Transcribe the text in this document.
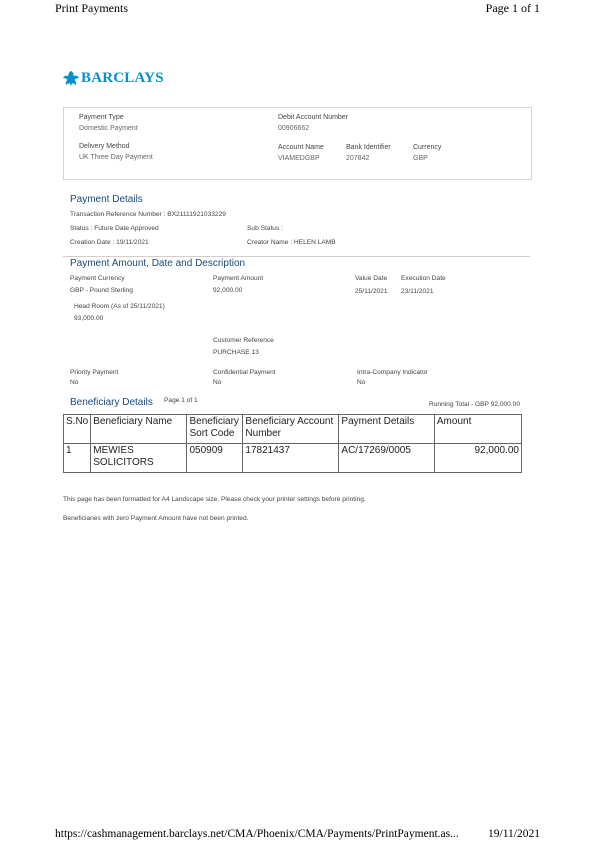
Print Payments	Page 1 of 1
BARCLAYS
Payment Type
Domestic Payment
Delivery Method
UK Three Day Payment
Debit Account Number
00906662
Account Name
VIAMEDGBP
Bank Identifier
207842
Currency
GBP
Payment Details
Transaction Reference Number : BX21111921033229
Status : Future Date Approved	Sub Status :
Creation Date : 19/11/2021	Creator Name : HELEN LAMB
Payment Amount, Date and Description
Payment Currency
GBP - Pound Sterling
Payment Amount
92,000.00
Value Date Execution Date
25/11/2021 23/11/2021
Head Room (As of 25/11/2021)
93,000.00
Customer Reference
PURCHASE 13
Priority Payment
No
Confidential Payment
No
Intra-Company Indicator
No
Beneficiary Details Page 1 of 1
Running Total - GBP 92,000.00
S.No	Beneficiary Name	Beneficiary Sort Code	Beneficiary Account Number	Payment Details	Amount
1	MEWIES SOLICITORS	050909	17821437	AC/17269/0005	92,000.00
This page has been formatted for A4 Landscape size. Please check your printer settings before printing.
Beneficiaries with zero Payment Amount have not been printed.
https://cashmanagement.barclays.net/CMA/Phoenix/CMA/Payments/PrintPayment.as...	19/11/2021
